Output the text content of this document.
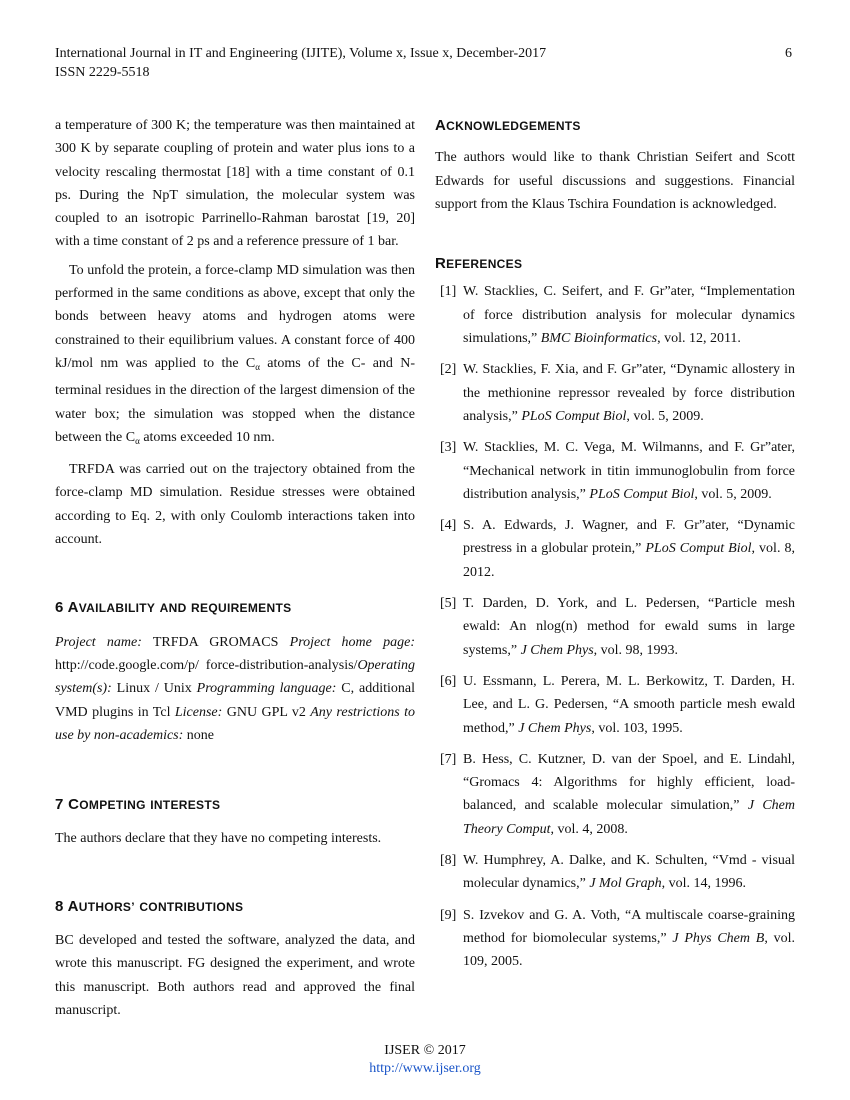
International Journal in IT and Engineering (IJITE), Volume x, Issue x, December-2017
ISSN 2229-5518
6

a temperature of 300 K; the temperature was then maintained at 300 K by separate coupling of protein and water plus ions to a velocity rescaling thermostat [18] with a time constant of 0.1 ps. During the NpT simulation, the molecular system was coupled to an isotropic Parrinello-Rahman barostat [19, 20] with a time constant of 2 ps and a reference pressure of 1 bar.

To unfold the protein, a force-clamp MD simulation was then performed in the same conditions as above, except that only the bonds between heavy atoms and hydrogen atoms were constrained to their equilibrium values. A constant force of 400 kJ/mol nm was applied to the $C_\alpha$ atoms of the C- and N-terminal residues in the direction of the largest dimension of the water box; the simulation was stopped when the distance between the $C_\alpha$ atoms exceeded 10 nm.

TRFDA was carried out on the trajectory obtained from the force-clamp MD simulation. Residue stresses were obtained according to Eq. 2, with only Coulomb interactions taken into account.

6 AVAILABILITY AND REQUIREMENTS

Project name: TRFDA GROMACS Project home page: http://code.google.com/p/ force-distribution-analysis/Operating system(s): Linux / Unix Programming language: C, additional VMD plugins in Tcl License: GNU GPL v2 Any restrictions to use by non-academics: none

7 COMPETING INTERESTS

The authors declare that they have no competing interests.

8 AUTHORS’ CONTRIBUTIONS

BC developed and tested the software, analyzed the data, and wrote this manuscript. FG designed the experiment, and wrote this manuscript. Both authors read and approved the final manuscript.

ACKNOWLEDGEMENTS

The authors would like to thank Christian Seifert and Scott Edwards for useful discussions and suggestions. Financial support from the Klaus Tschira Foundation is acknowledged.

REFERENCES
[1] W. Stacklies, C. Seifert, and F. Gr”ater, “Implementation of force distribution analysis for molecular dynamics simulations,” BMC Bioinformatics, vol. 12, 2011.
[2] W. Stacklies, F. Xia, and F. Gr”ater, “Dynamic allostery in the methionine repressor revealed by force distribution analysis,” PLoS Comput Biol, vol. 5, 2009.
[3] W. Stacklies, M. C. Vega, M. Wilmanns, and F. Gr”ater, “Mechanical network in titin immunoglobulin from force distribution analysis,” PLoS Comput Biol, vol. 5, 2009.
[4] S. A. Edwards, J. Wagner, and F. Gr”ater, “Dynamic prestress in a globular protein,” PLoS Comput Biol, vol. 8, 2012.
[5] T. Darden, D. York, and L. Pedersen, “Particle mesh ewald: An nlog(n) method for ewald sums in large systems,” J Chem Phys, vol. 98, 1993.
[6] U. Essmann, L. Perera, M. L. Berkowitz, T. Darden, H. Lee, and L. G. Pedersen, “A smooth particle mesh ewald method,” J Chem Phys, vol. 103, 1995.
[7] B. Hess, C. Kutzner, D. van der Spoel, and E. Lindahl, “Gromacs 4: Algorithms for highly efficient, load-balanced, and scalable molecular simulation,” J Chem Theory Comput, vol. 4, 2008.
[8] W. Humphrey, A. Dalke, and K. Schulten, “Vmd - visual molecular dynamics,” J Mol Graph, vol. 14, 1996.
[9] S. Izvekov and G. A. Voth, “A multiscale coarse-graining method for biomolecular systems,” J Phys Chem B, vol. 109, 2005.
IJSER © 2017
http://www.ijser.org
